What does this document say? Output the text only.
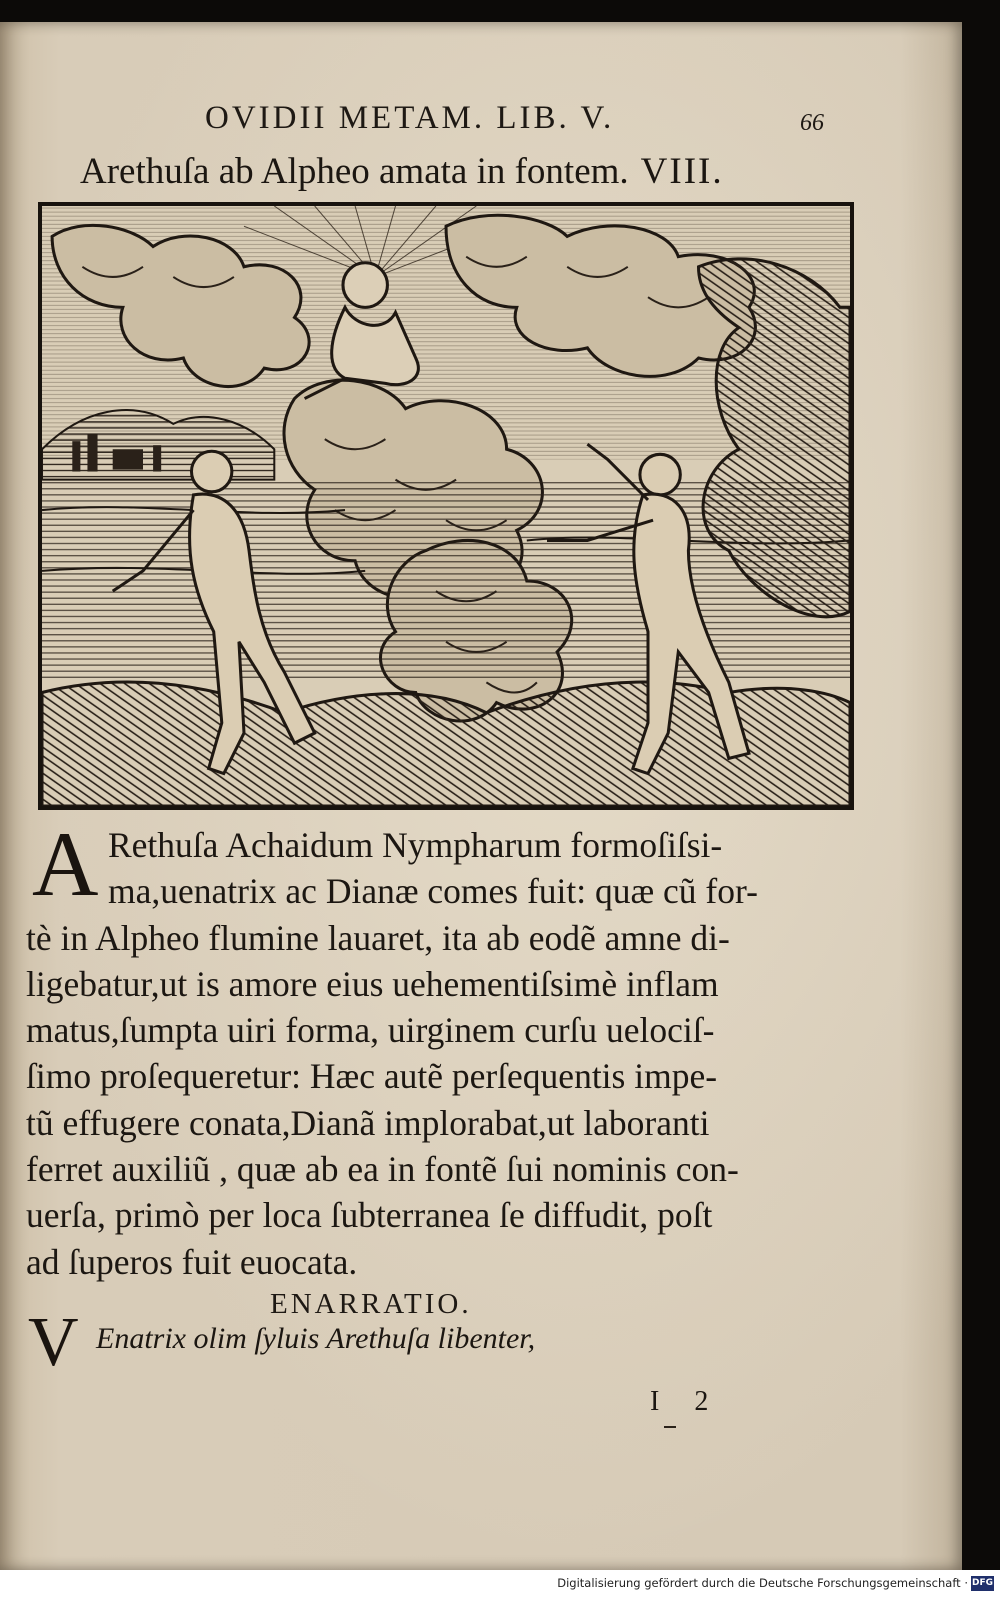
OVIDII METAM. LIB. V.	66
Arethuſa ab Alpheo amata in fontem. VIII.
A Rethuſa Achaidum Nympharum formoſiſsi-
ma,uenatrix ac Dianæ comes fuit: quæ cũ for-
tè in Alpheo flumine lauaret, ita ab eodẽ amne di-
ligebatur,ut is amore eius uehementiſsimè inflam
matus,ſumpta uiri forma, uirginem curſu uelociſ-
ſimo proſequeretur: Hæc autẽ perſequentis impe-
tũ effugere conata,Dianã implorabat,ut laboranti
ferret auxiliũ , quæ ab ea in fontẽ ſui nominis con-
uerſa, primò per loca ſubterranea ſe diffudit, poſt
ad ſuperos fuit euocata.
ENARRATIO.
V Enatrix olim ſyluis Arethuſa libenter,
I 2
Digitalisierung gefördert durch die Deutsche Forschungsgemeinschaft · DFG
